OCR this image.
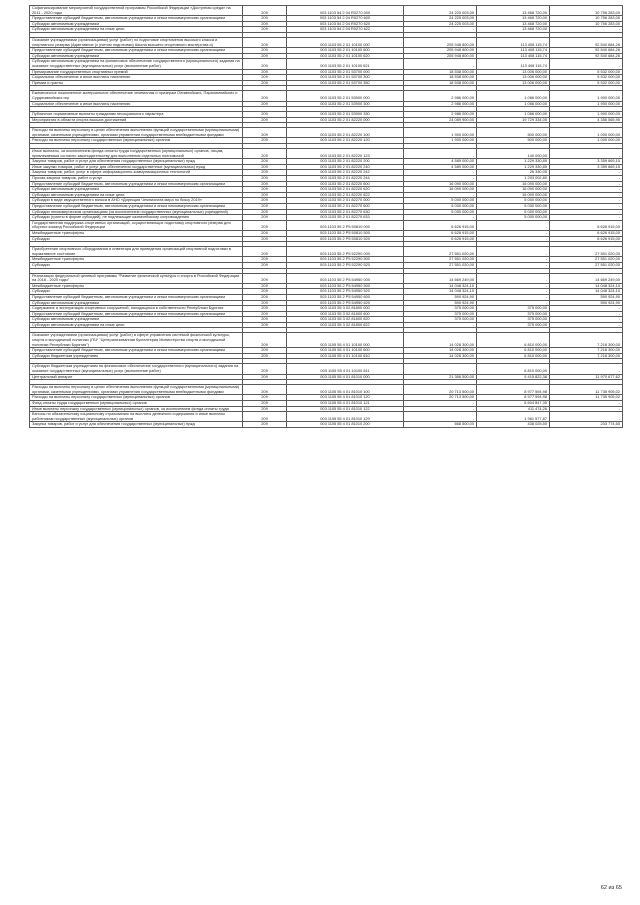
Софинансирование мероприятий государственной программы Российской Федерации «Доступная среда» на 2011 - 2020 годы	209	003 1103 54 2 04 R0270 000	24 225 003,00	13 468 720,00	10 756 283,00
Предоставление субсидий бюджетным, автономным учреждениям и иным некоммерческим организациям	209	003 1103 54 2 04 R0270 600	24 225 003,00	13 468 720,00	10 756 283,00
Субсидии автономным учреждениям	209	003 1103 54 2 04 R0270 620	24 225 003,00	13 468 720,00	10 756 283,00
Субсидии автономным учреждениям на иные цели	209	003 1103 54 2 04 R0270 622	-	13 468 720,00	-

Оказание учреждениями (организациями) услуг (работ) по подготовке спортсменов высокого класса и спортивного резерва (Адаптивное (с учетом подготовки) Школа высшего спортивного мастерства и)	209	003 1103 55 2 01 10100 000	205 948 800,00	113 408 115,74	92 540 684,26
Предоставление субсидий бюджетным, автономным учреждениям и иным некоммерческим организациям	209	003 1103 55 2 01 10100 600	205 948 800,00	113 408 115,74	92 540 684,26
Субсидии автономным учреждениям	209	003 1103 55 2 01 10100 620	205 948 800,00	113 408 115,74	92 540 684,26
Субсидии автономным учреждениям на финансовое обеспечение государственного (муниципального) задания на оказание государственных (муниципальных) услуг (выполнение работ)	209	003 1103 55 2 01 10100 621	-	113 408 115,74	-
Премирование государственных спортивных премий	209	003 1103 55 2 01 53700 000	18 538 000,00	13 006 000,00	5 532 000,00
Социальное обеспечение и иные выплаты населению	209	003 1103 55 2 01 53700 300	18 538 000,00	13 006 000,00	5 532 000,00
Премии и гранты	209	003 1103 55 2 01 53700 350	18 538 000,00	13 006 000,00	5 532 000,00

Ежемесячное пожизненное материальное обеспечение чемпионам и призерам Олимпийских, Паралимпийских и Сурдлимпийских игр	209	003 1103 55 2 01 53900 000	2 986 000,00	1 066 000,00	1 900 000,00
Социальное обеспечение и иные выплаты населению	209	003 1103 55 2 01 53900 300	2 986 000,00	1 066 000,00	1 900 000,00

Публичные нормативные выплаты гражданам несоциального характера	209	003 1103 55 2 01 53900 330	2 986 000,00	1 066 000,00	1 900 000,00
Мероприятия в области спорта высших достижений	209	003 1103 55 2 01 82220 000	24 089 900,00	19 729 334,05	4 356 565,95

Расходы на выплаты персоналу в целях обеспечения выполнения функций государственными (муниципальными) органами, казенными учреждениями, органами управления государственными внебюджетными фондами	209	003 1103 55 2 01 82220 100	1 900 000,00	500 000,00	1 000 000,00
Расходы на выплаты персоналу государственных (муниципальных) органов	209	003 1103 55 2 01 82220 120	1 900 000,00	500 000,00	1 000 000,00

Иные выплаты, за исключением фонда оплаты труда государственных (муниципальных) органов, лицам, привлекаемым согласно законодательству для выполнения отдельных полномочий	209	003 1103 55 2 01 82220 123	-	140 000,00	-
Закупка товаров, работ и услуг для обеспечения государственных (муниципальных) нужд	209	003 1103 55 2 01 82220 200	4 589 000,00	1 229 330,85	3 359 669,15
Иные закупки товаров, работ и услуг для обеспечения государственных (муниципальных) нужд	209	003 1103 55 2 01 82220 240	4 589 000,00	1 229 330,85	3 359 669,15
Закупка товаров, работ, услуг в сфере информационно-коммуникационных технологий	209	003 1103 55 2 01 82220 242	-	26 330,05	-
Прочая закупка товаров, работ и услуг	209	003 1103 55 2 01 82220 244	-	1 203 002,80	-
Предоставление субсидий бюджетным, автономным учреждениям и иным некоммерческим организациям	209	003 1103 55 2 01 82220 600	16 090 000,00	16 090 000,00	-
Субсидии автономным учреждениям	209	003 1103 55 2 01 82220 620	16 090 000,00	16 090 000,00	-
Субсидии автономным учреждениям на иные цели	209	003 1103 55 2 01 82220 622	-	16 090 000,00	-
Субсидии в виде имущественного взноса в АНО «Дирекция Чемпионата мира по боксу 2019»	209	003 1103 55 2 01 82270 000	5 000 000,00	5 000 000,00	-
Предоставление субсидий бюджетным, автономным учреждениям и иным некоммерческим организациям	209	003 1103 55 2 01 82270 600	5 000 000,00	5 000 000,00	-
Субсидии некоммерческим организациям (за исключением государственных (муниципальных) учреждений)	209	003 1103 55 2 01 82270 630	5 000 000,00	5 000 000,00	-
Субсидии (гранты в форме субсидий), не подлежащие казначейскому сопровождению	209	003 1103 55 2 01 82270 633	-	5 000 000,00	-
Государственная поддержка спортивных организаций, осуществляющих подготовку спортивного резерва для сборных команд Российской Федерации	209	003 1103 55 2 P5 50810 000	6 626 915,00	-	6 626 915,00
Межбюджетные трансферты	209	003 1103 55 2 P5 50810 500	6 626 915,00	-	6 626 915,00
Субсидии	209	003 1103 55 2 P5 50810 520	6 626 915,00	-	6 626 915,00

Приобретение спортивного оборудования и инвентаря для приведения организаций спортивной подготовки в нормативное состояние	209	003 1103 55 2 P5 52290 000	27 551 020,00	-	27 551 020,00
Межбюджетные трансферты	209	003 1103 55 2 P5 52290 500	27 551 020,00	-	27 551 020,00
Субсидии	209	003 1103 55 2 P5 52290 520	27 551 020,00	-	27 551 020,00

Реализация федеральной целевой программы "Развитие физической культуры и спорта в Российской Федерации на 2016 - 2020 годы"	209	003 1103 55 2 P5 54950 000	14 669 249,00	-	14 669 249,00
Межбюджетные трансферты	209	003 1103 55 2 P5 54950 500	14 048 324,10	-	14 048 324,10
Субсидии	209	003 1103 55 2 P5 54950 520	14 048 324,10	-	14 048 324,10
Предоставление субсидий бюджетным, автономным учреждениям и иным некоммерческим организациям	209	003 1103 55 2 P5 54950 600	590 924,90	-	590 924,90
Субсидии автономным учреждениям	209	003 1103 55 2 P5 54950 620	590 924,90	-	590 924,90
Содержание и эксплуатация спортивных сооружений, находящихся в собственности Республики Бурятия	209	003 1103 55 3 02 81800 000	375 000,00	375 000,00	-
Предоставление субсидий бюджетным, автономным учреждениям и иным некоммерческим организациям	209	003 1103 55 3 02 81800 600	375 000,00	375 000,00	-
Субсидии автономным учреждениям	209	003 1103 55 3 02 81800 620	375 000,00	375 000,00	-
Субсидии автономным учреждениям на иные цели	209	003 1103 55 3 02 81800 622	-	375 000,00	-

Оказание учреждениями (организациями) услуг (работ) в сфере управления системой физической культуры, спорта и молодежной политики (ГБУ "Централизованная бухгалтерия Министерства спорта и молодежной политики Республики Бурятия")	209	003 1105 55 4 01 10100 000	14 028 300,00	6 810 000,00	7 218 300,00
Предоставление субсидий бюджетным, автономным учреждениям и иным некоммерческим организациям	209	003 1105 55 4 01 10100 600	14 028 300,00	6 810 000,00	7 218 300,00
Субсидии бюджетным учреждениям	209	003 1105 55 4 01 10100 610	14 028 300,00	6 810 000,00	7 218 300,00

Субсидии бюджетным учреждениям на финансовое обеспечение государственного (муниципального) задания на оказание государственных (муниципальных) услуг (выполнение работ)	209	003 1105 55 4 01 10100 611	-	6 810 000,00	-
Центральный аппарат	209	003 1105 55 4 01 81010 000	21 386 500,00	9 415 822,38	11 970 677,62

Расходы на выплаты персоналу в целях обеспечения выполнения функций государственными (муниципальными) органами, казенными учреждениями, органами управления государственными внебюджетными фондами	209	003 1105 55 4 01 81010 100	20 713 500,00	8 977 594,98	11 735 905,02
Расходы на выплаты персоналу государственных (муниципальных) органов	209	003 1105 55 4 01 81010 120	20 713 500,00	8 977 594,98	11 735 905,02
Фонд оплаты труда государственных (муниципальных) органов	209	003 1105 55 4 01 81010 121	-	6 604 847,35	-
Иные выплаты персоналу государственных (муниципальных) органов, за исключением фонда оплаты труда	209	003 1105 55 4 01 81010 122	-	411 474,26	-
Взносы по обязательному социальному страхованию на выплаты денежного содержания и иные выплаты работникам государственных (муниципальных) органов	209	003 1105 55 4 01 81010 129	-	1 961 577,87	-
Закупка товаров, работ и услуг для обеспечения государственных (муниципальных) нужд	209	003 1105 55 4 01 81010 200	668 500,00	438 025,50	233 774,50
62 из 65
